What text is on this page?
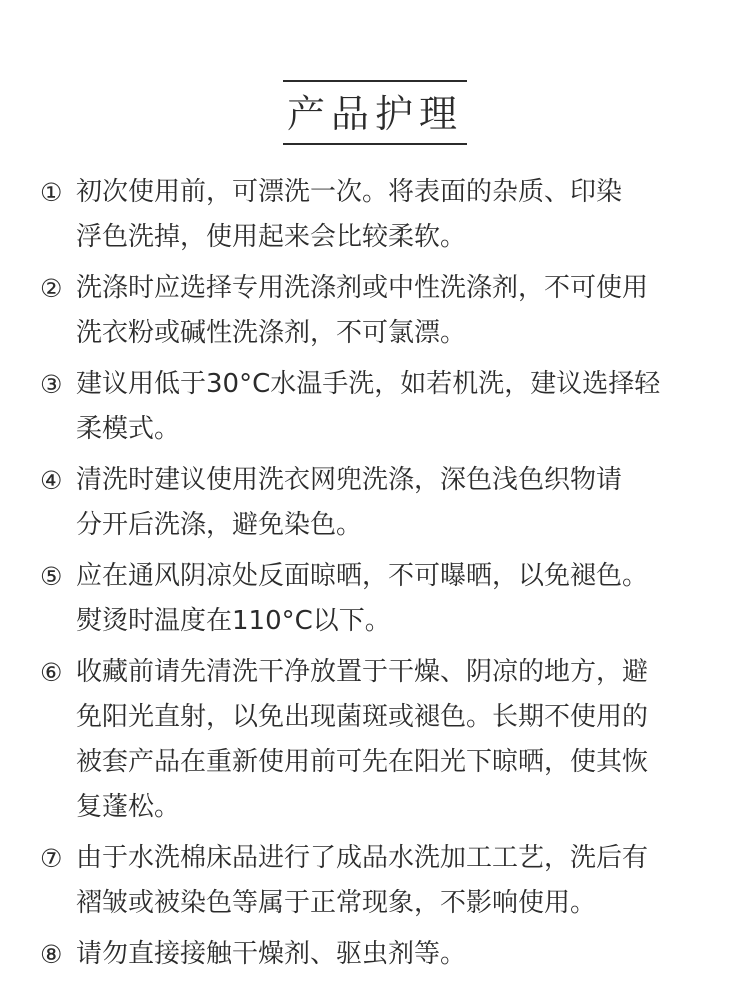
产品护理
① 初次使用前，可漂洗一次。将表面的杂质、印染
浮色洗掉，使用起来会比较柔软。
② 洗涤时应选择专用洗涤剂或中性洗涤剂，不可使用
洗衣粉或碱性洗涤剂，不可氯漂。
③ 建议用低于30°C水温手洗，如若机洗，建议选择轻
柔模式。
④ 清洗时建议使用洗衣网兜洗涤，深色浅色织物请
分开后洗涤，避免染色。
⑤ 应在通风阴凉处反面晾晒，不可曝晒，以免褪色。
熨烫时温度在110°C以下。
⑥ 收藏前请先清洗干净放置于干燥、阴凉的地方，避
免阳光直射，以免出现菌斑或褪色。长期不使用的
被套产品在重新使用前可先在阳光下晾晒，使其恢
复蓬松。
⑦ 由于水洗棉床品进行了成品水洗加工工艺，洗后有
褶皱或被染色等属于正常现象，不影响使用。
⑧ 请勿直接接触干燥剂、驱虫剂等。
